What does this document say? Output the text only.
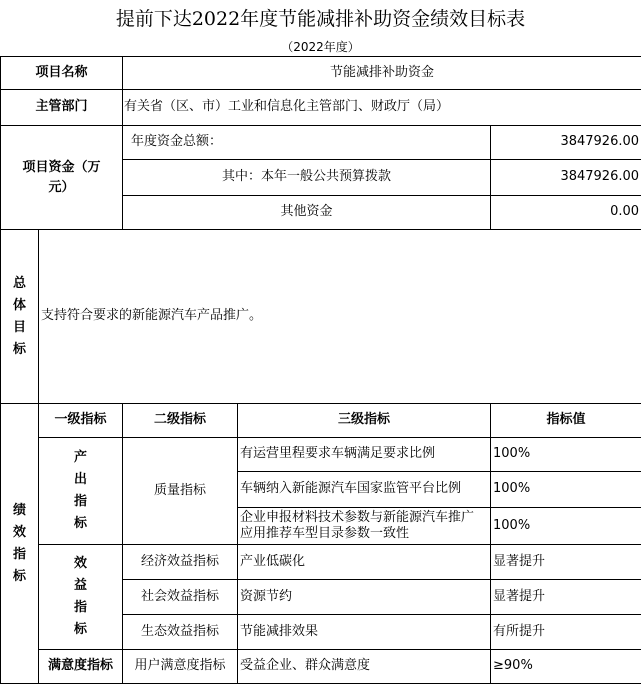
提前下达2022年度节能减排补助资金绩效目标表
（2022年度）
项目名称		节能减排补助资金		
主管部门		有关省（区、市）工业和信息化主管部门、财政厅（局）		

项目资金（万元）		年度资金总额：		3847926.00
		其中：本年一般公共预算拨款		3847926.00
		其他资金		0.00
总体目标	支持符合要求的新能源汽车产品推广。			
绩效指标	一级指标	二级指标	三级指标	指标值
	产出指标	质量指标	有运营里程要求车辆满足要求比例	100%
			车辆纳入新能源汽车国家监管平台比例	100%
			企业申报材料技术参数与新能源汽车推广应用推荐车型目录参数一致性	100%
	效益指标	经济效益指标	产业低碳化	显著提升
		社会效益指标	资源节约	显著提升
		生态效益指标	节能减排效果	有所提升
	满意度指标	用户满意度指标	受益企业、群众满意度	≥90%
